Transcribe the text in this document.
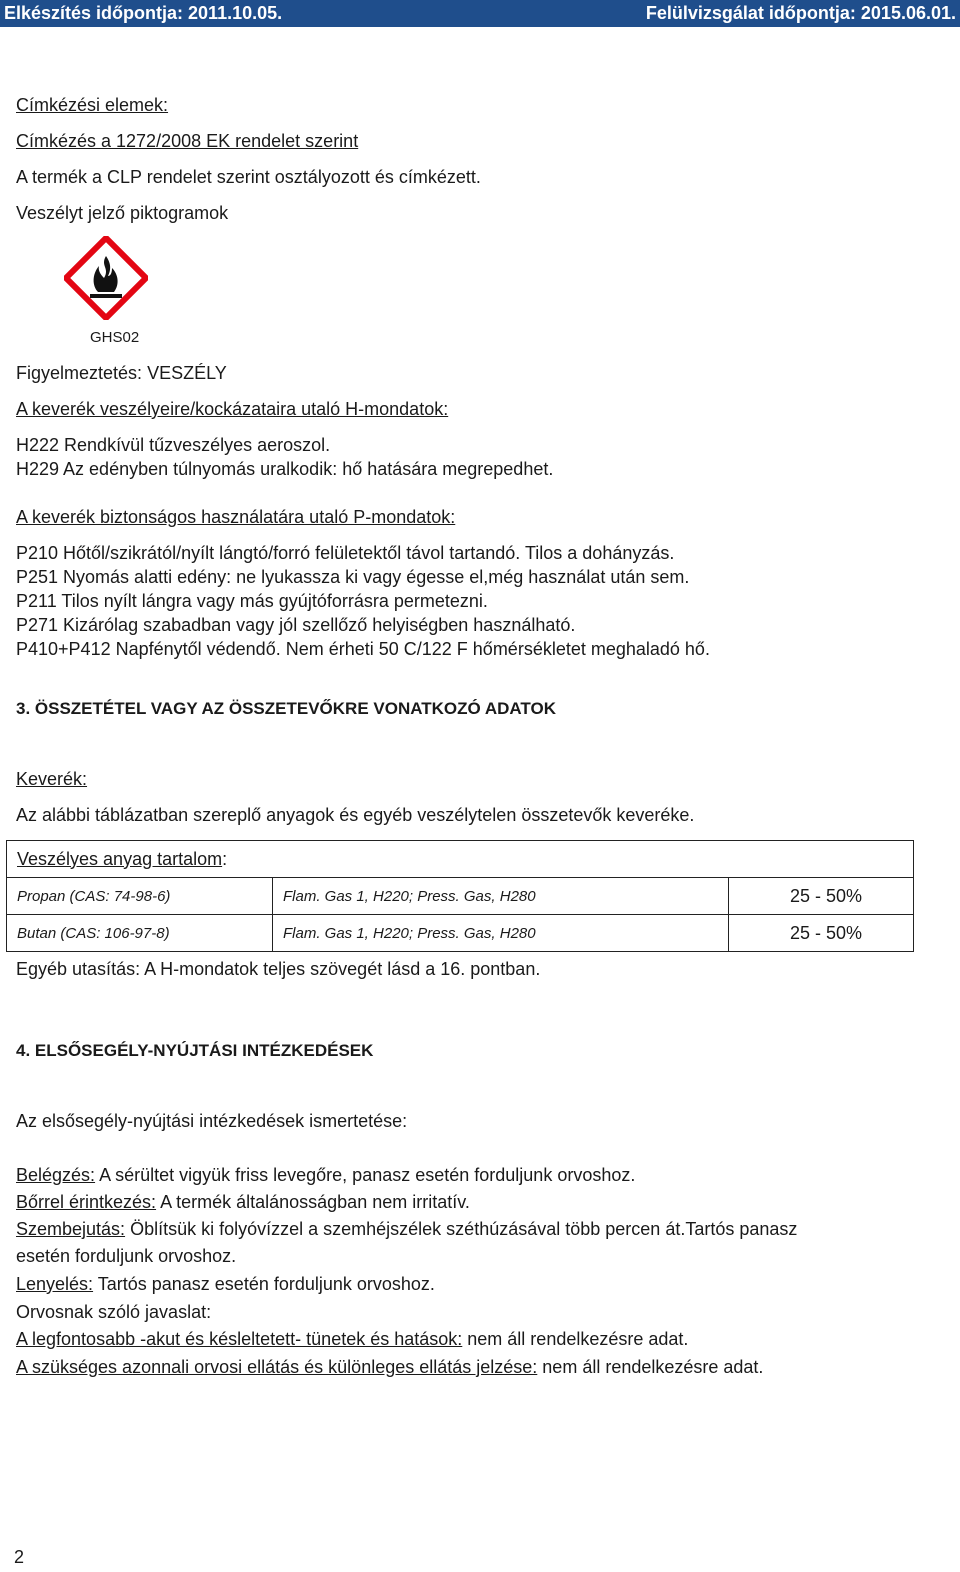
Elkészítés időpontja: 2011.10.05.	Felülvizsgálat időpontja: 2015.06.01.
Címkézési elemek:
Címkézés a 1272/2008 EK rendelet szerint
A termék a CLP rendelet szerint osztályozott és címkézett.
Veszélyt jelző piktogramok
GHS02
Figyelmeztetés: VESZÉLY
A keverék veszélyeire/kockázataira utaló H-mondatok:
H222 Rendkívül tűzveszélyes aeroszol.
H229 Az edényben túlnyomás uralkodik: hő hatására megrepedhet.
A keverék biztonságos használatára utaló P-mondatok:
P210 Hőtől/szikrától/nyílt lángtó/forró felületektől távol tartandó. Tilos a dohányzás.
P251 Nyomás alatti edény: ne lyukassza ki vagy égesse el,még használat után sem.
P211 Tilos nyílt lángra vagy más gyújtóforrásra permetezni.
P271 Kizárólag szabadban vagy jól szellőző helyiségben használható.
P410+P412 Napfénytől védendő. Nem érheti 50 C/122 F hőmérsékletet meghaladó hő.
3. ÖSSZETÉTEL VAGY AZ ÖSSZETEVŐKRE VONATKOZÓ ADATOK
Keverék:
Az alábbi táblázatban szereplő anyagok és egyéb veszélytelen összetevők keveréke.
Veszélyes anyag tartalom:		
Propan (CAS: 74-98-6)	Flam. Gas 1, H220; Press. Gas, H280	25 - 50%
Butan (CAS: 106-97-8)	Flam. Gas 1, H220; Press. Gas, H280	25 - 50%
Egyéb utasítás: A H-mondatok teljes szövegét lásd a 16. pontban.
4. ELSŐSEGÉLY-NYÚJTÁSI INTÉZKEDÉSEK
Az elsősegély-nyújtási intézkedések ismertetése:
Belégzés: A sérültet vigyük friss levegőre, panasz esetén forduljunk orvoshoz.
Bőrrel érintkezés: A termék általánosságban nem irritatív.
Szembejutás: Öblítsük ki folyóvízzel a szemhéjszélek széthúzásával több percen át.Tartós panasz
esetén forduljunk orvoshoz.
Lenyelés: Tartós panasz esetén forduljunk orvoshoz.
Orvosnak szóló javaslat:
A legfontosabb -akut és késleltetett- tünetek és hatások: nem áll rendelkezésre adat.
A szükséges azonnali orvosi ellátás és különleges ellátás jelzése: nem áll rendelkezésre adat.
2
